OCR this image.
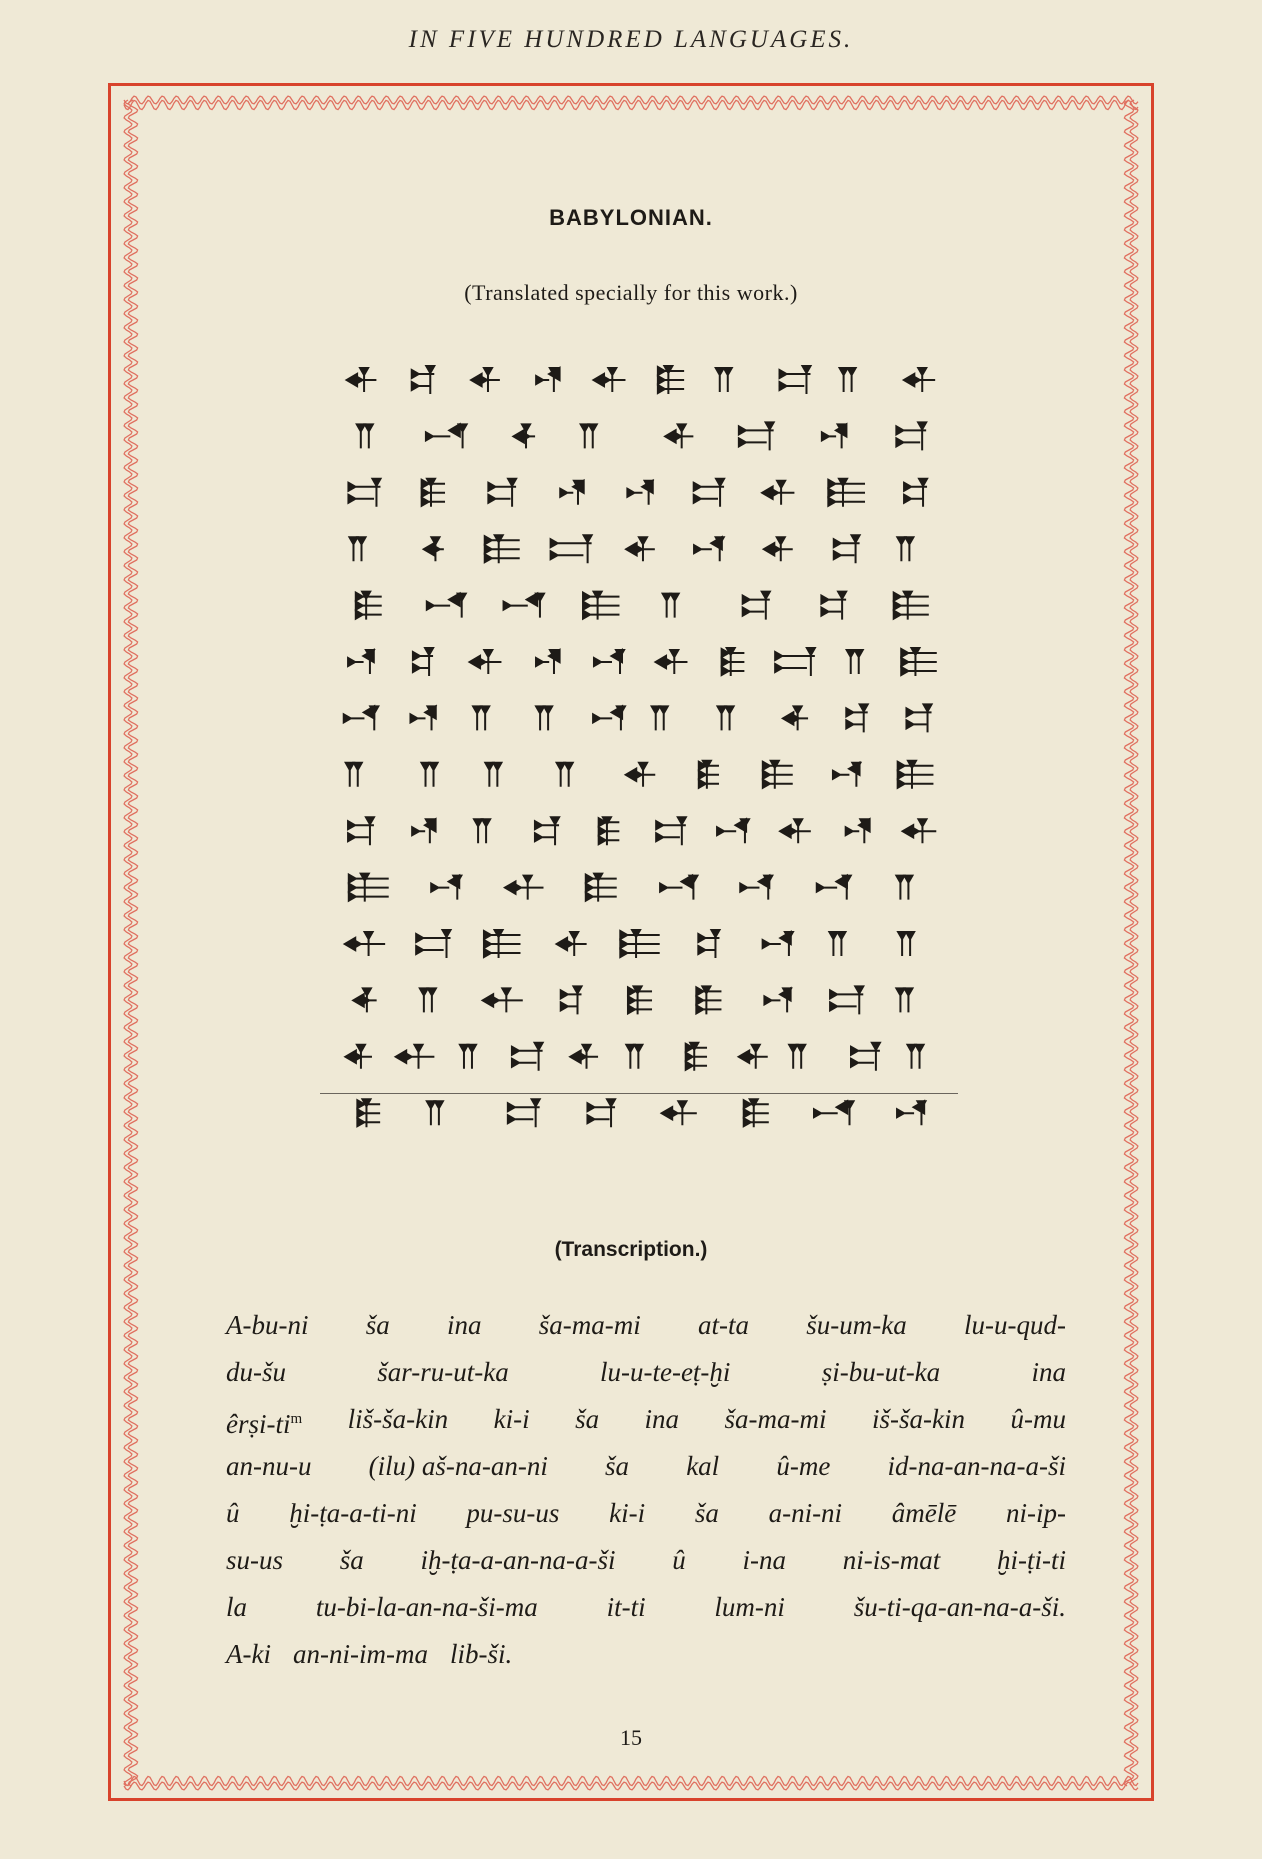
IN FIVE HUNDRED LANGUAGES.
BABYLONIAN.
(Translated specially for this work.)
(Transcription.)
A-bu-ni ša ina ša-ma-mi at-ta šu-um-ka lu-u-qud-
du-šu	šar-ru-ut-ka	lu-u-te-eṭ-ḫi	ṣi-bu-ut-ka	ina
êrṣi-$ti^m$ liš-ša-kin ki-i ša ina ša-ma-mi iš-ša-kin û-mu
an-nu-u (ilu) aš-na-an-ni ša kal û-me id-na-an-na-a-ši
û ḫi-ṭa-a-ti-ni pu-su-us ki-i ša a-ni-ni âmēlē ni-ip-
su-us ša iḫ-ṭa-a-an-na-a-ši û i-na ni-is-mat ḫi-ṭi-ti
la	tu-bi-la-an-na-ši-ma	it-ti	lum-ni	šu-ti-qa-an-na-a-ši.
A-ki an-ni-im-ma lib-ši.
15
